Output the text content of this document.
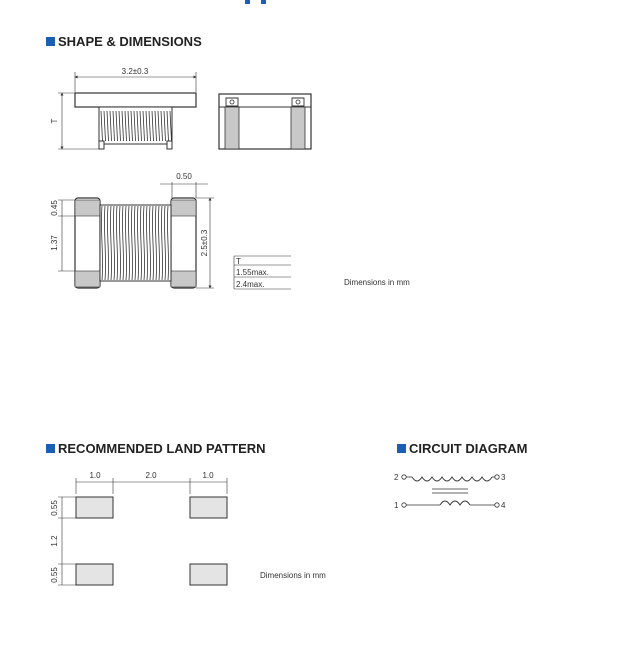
SHAPE & DIMENSIONS
RECOMMENDED LAND PATTERN	CIRCUIT DIAGRAM
3.2±0.3
T
0.50
0.45
1.37	2.5±0.3
T
1.55max.
2.4max.
1.0	2.0	1.0
0.55
1.2
0.55
2	3
1	4
Dimensions in mm
Dimensions in mm
